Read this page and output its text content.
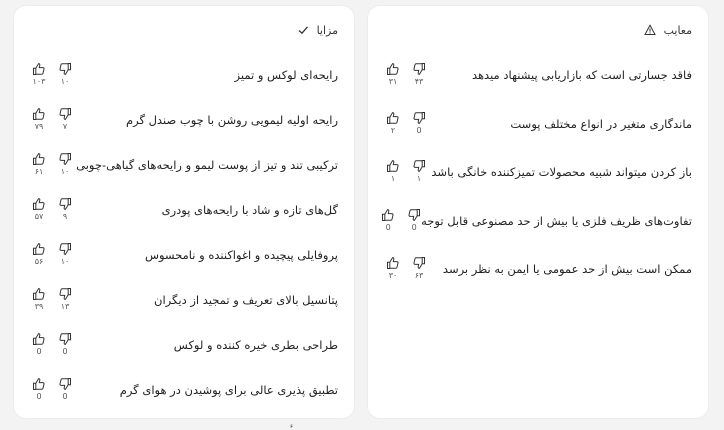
مزایا
رایحه‌ای لوکس و تمیز
۱۰۳ ۱۰
رایحه اولیه لیمویی روشن با چوب صندل گرم
۷۹ ۷
ترکیبی تند و تیز از پوست لیمو و رایحه‌های گیاهی-چوبی
۶۱ ۱۰
گل‌های تازه و شاد با رایحه‌های پودری
۵۷ ۹
پروفایلی پیچیده و اغواکننده و نامحسوس
۵۶ ۱۰
پتانسیل بالای تعریف و تمجید از دیگران
۳۹ ۱۳
طراحی بطری خیره کننده و لوکس
0	0
تطبیق پذیری عالی برای پوشیدن در هوای گرم
0	0
معایب
فاقد جسارتی است که بازاریابی پیشنهاد میدهد
۳۱ ۴۳
ماندگاری متغیر در انواع مختلف پوست
۲	0
باز کردن میتواند شبیه محصولات تمیزکننده خانگی باشد
۱	۱
تفاوت‌های ظریف فلزی یا بیش از حد مصنوعی قابل توجه
0	0
ممکن است بیش از حد عمومی یا ایمن به نظر برسد
۳۰ ۶۳
ء
